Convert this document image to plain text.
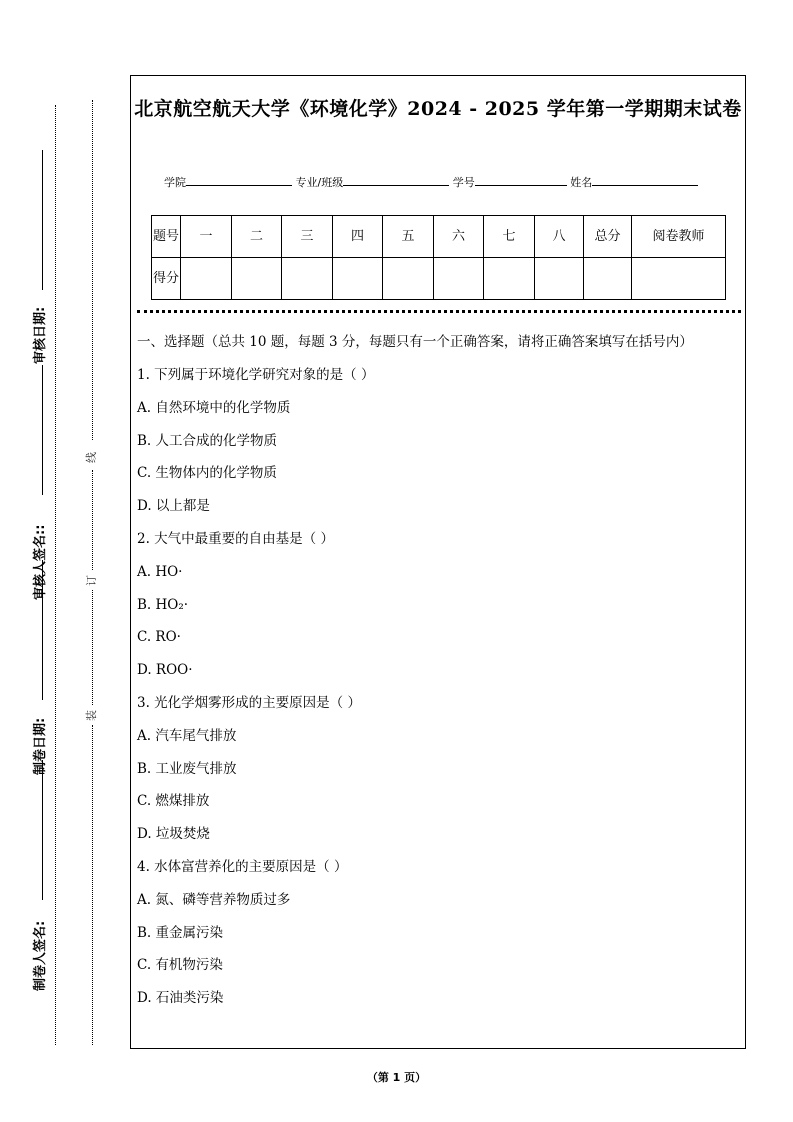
审核日期:
审核人签名::
制卷日期:
制卷人签名:
线
订
装
北京航空航天大学《环境化学》2024 - 2025 学年第一学期期末试卷
学院	专业/班级	学号	姓名
题号	一	二	三	四	五	六	七	八	总分	阅卷教师
得分										

一、选择题（总共 10 题，每题 3 分，每题只有一个正确答案，请将正确答案填写在括号内）

1. 下列属于环境化学研究对象的是（ ）

A. 自然环境中的化学物质

B. 人工合成的化学物质

C. 生物体内的化学物质

D. 以上都是

2. 大气中最重要的自由基是（ ）

A. HO·

B. HO₂·

C. RO·

D. ROO·

3. 光化学烟雾形成的主要原因是（ ）

A. 汽车尾气排放

B. 工业废气排放

C. 燃煤排放

D. 垃圾焚烧

4. 水体富营养化的主要原因是（ ）

A. 氮、磷等营养物质过多

B. 重金属污染

C. 有机物污染

D. 石油类污染

（第 1 页）
